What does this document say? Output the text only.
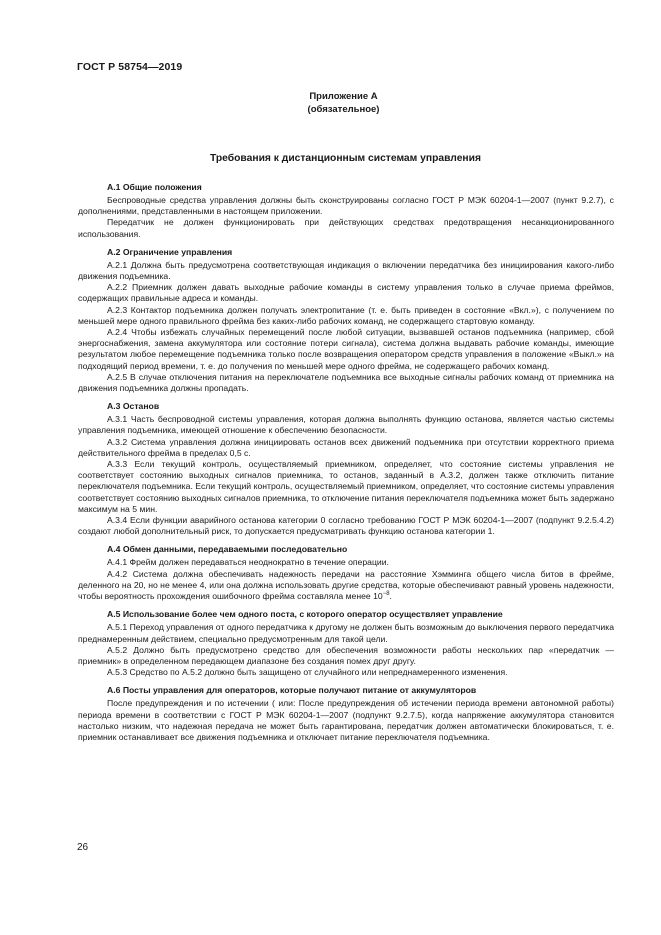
ГОСТ Р 58754—2019
Приложение А
(обязательное)
Требования к дистанционным системам управления
А.1 Общие положения

Беспроводные средства управления должны быть сконструированы согласно ГОСТ Р МЭК 60204-1—2007 (пункт 9.2.7), с дополнениями, представленными в настоящем приложении.

Передатчик не должен функционировать при действующих средствах предотвращения несанкционированного использования.

А.2 Ограничение управления

А.2.1 Должна быть предусмотрена соответствующая индикация о включении передатчика без инициирования какого-либо движения подъемника.

А.2.2 Приемник должен давать выходные рабочие команды в систему управления только в случае приема фреймов, содержащих правильные адреса и команды.

А.2.3 Контактор подъемника должен получать электропитание (т. е. быть приведен в состояние «Вкл.»), с получением по меньшей мере одного правильного фрейма без каких-либо рабочих команд, не содержащего стартовую команду.

А.2.4 Чтобы избежать случайных перемещений после любой ситуации, вызвавшей останов подъемника (например, сбой энергоснабжения, замена аккумулятора или состояние потери сигнала), система должна выдавать рабочие команды, имеющие результатом любое перемещение подъемника только после возвращения оператором средств управления в положение «Выкл.» на подходящий период времени, т. е. до получения по меньшей мере одного фрейма, не содержащего рабочих команд.

А.2.5 В случае отключения питания на переключателе подъемника все выходные сигналы рабочих команд от приемника на движения подъемника должны пропадать.

А.3 Останов

А.3.1 Часть беспроводной системы управления, которая должна выполнять функцию останова, является частью системы управления подъемника, имеющей отношение к обеспечению безопасности.

А.3.2 Система управления должна инициировать останов всех движений подъемника при отсутствии корректного приема действительного фрейма в пределах 0,5 с.

А.3.3 Если текущий контроль, осуществляемый приемником, определяет, что состояние системы управления не соответствует состоянию выходных сигналов приемника, то останов, заданный в А.3.2, должен также отключить питание переключателя подъемника. Если текущий контроль, осуществляемый приемником, определяет, что состояние системы управления соответствует состоянию выходных сигналов приемника, то отключение питания переключателя подъемника может быть задержано максимум на 5 мин.

А.3.4 Если функции аварийного останова категории 0 согласно требованию ГОСТ Р МЭК 60204-1—2007 (подпункт 9.2.5.4.2) создают любой дополнительный риск, то допускается предусматривать функцию останова категории 1.

А.4 Обмен данными, передаваемыми последовательно

А.4.1 Фрейм должен передаваться неоднократно в течение операции.

А.4.2 Система должна обеспечивать надежность передачи на расстояние Хэмминга общего числа битов в фрейме, деленного на 20, но не менее 4, или она должна использовать другие средства, которые обеспечивают равный уровень надежности, чтобы вероятность прохождения ошибочного фрейма составляла менее $10^{-8}$.

А.5 Использование более чем одного поста, с которого оператор осуществляет управление

А.5.1 Переход управления от одного передатчика к другому не должен быть возможным до выключения первого передатчика преднамеренным действием, специально предусмотренным для такой цели.

А.5.2 Должно быть предусмотрено средство для обеспечения возможности работы нескольких пар «передатчик — приемник» в определенном передающем диапазоне без создания помех друг другу.

А.5.3 Средство по А.5.2 должно быть защищено от случайного или непреднамеренного изменения.

А.6 Посты управления для операторов, которые получают питание от аккумуляторов

После предупреждения и по истечении ( или: После предупреждения об истечении периода времени автономной работы) периода времени в соответствии с ГОСТ Р МЭК 60204-1—2007 (подпункт 9.2.7.5), когда напряжение аккумулятора становится настолько низким, что надежная передача не может быть гарантирована, передатчик должен автоматически блокироваться, т. е. приемник останавливает все движения подъемника и отключает питание переключателя подъемника.

26
